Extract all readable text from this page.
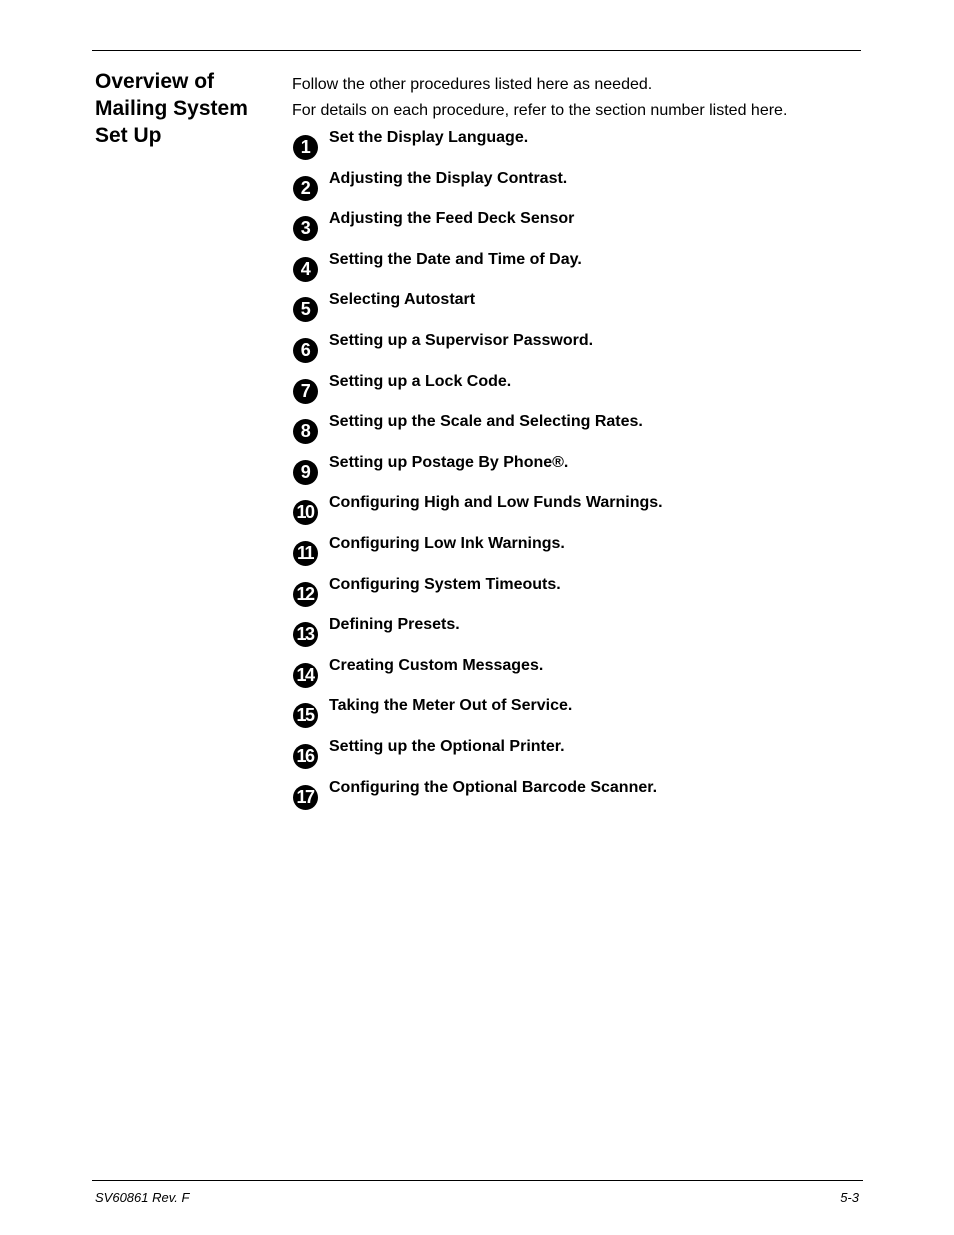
Overview of Mailing System Set Up

Follow the other procedures listed here as needed.

For details on each procedure, refer to the section number listed here.

1	Set the Display Language.
2	Adjusting the Display Contrast.
3	Adjusting the Feed Deck Sensor
4	Setting the Date and Time of Day.
5	Selecting Autostart
6	Setting up a Supervisor Password.
7	Setting up a Lock Code.
8	Setting up the Scale and Selecting Rates.
9	Setting up Postage By Phone®.
10 Configuring High and Low Funds Warnings.
11 Configuring Low Ink Warnings.
12 Configuring System Timeouts.
13 Defining Presets.
14 Creating Custom Messages.
15 Taking the Meter Out of Service.
16 Setting up the Optional Printer.
17 Configuring the Optional Barcode Scanner.
SV60861 Rev. F	5-3
